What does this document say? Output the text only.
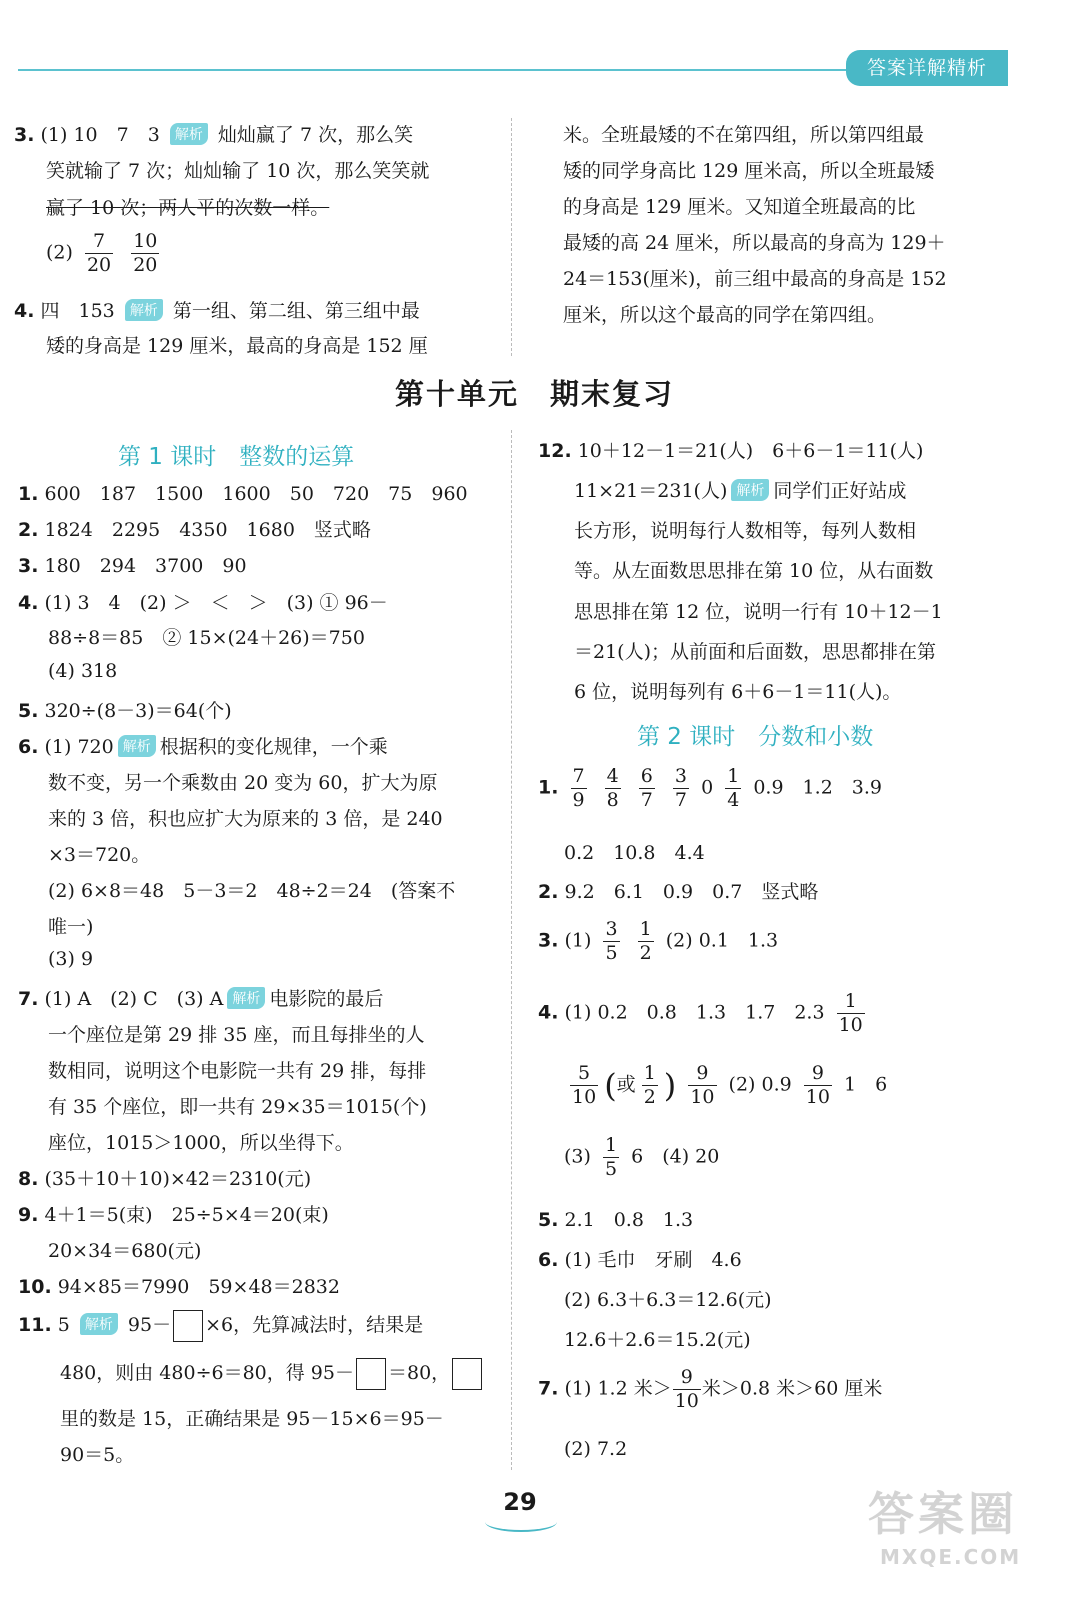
答案详解精析
3. (1) 10　7　3 解析 灿灿赢了 7 次，那么笑
笑就输了 7 次；灿灿输了 10 次，那么笑笑就
赢了 10 次；两人平的次数一样。
$(2) \frac{7}{20}$
$\frac{10}{20}$
4. 四　153 解析 第一组、第二组、第三组中最
矮的身高是 129 厘米，最高的身高是 152 厘
米。全班最矮的不在第四组，所以第四组最
矮的同学身高比 129 厘米高，所以全班最矮
的身高是 129 厘米。又知道全班最高的比
最矮的高 24 厘米，所以最高的身高为 129＋
24＝153(厘米)，前三组中最高的身高是 152
厘米，所以这个最高的同学在第四组。
第十单元　期末复习
第 1 课时　整数的运算
1. 600　187　1500　1600　50　720　75　960
2. 1824　2295　4350　1680　竖式略
3. 180　294　3700　90
4. (1) 3　4　(2) ＞　＜　＞　(3) ① 96－
88÷8＝85　② 15×(24＋26)＝750
(4) 318
5. 320÷(8－3)＝64(个)
6. (1) 720 解析 根据积的变化规律，一个乘
数不变，另一个乘数由 20 变为 60，扩大为原
来的 3 倍，积也应扩大为原来的 3 倍，是 240
×3＝720。
(2) 6×8＝48　5－3＝2　48÷2＝24　(答案不
唯一)
(3) 9
7. (1) A　(2) C　(3) A 解析 电影院的最后
一个座位是第 29 排 35 座，而且每排坐的人
数相同，说明这个电影院一共有 29 排，每排
有 35 个座位，即一共有 29×35＝1015(个)
座位，1015＞1000，所以坐得下。
8. (35＋10＋10)×42＝2310(元)
9. 4＋1＝5(束)　25÷5×4＝20(束)
20×34＝680(元)
10. 94×85＝7990　59×48＝2832
11. 5 解析 95－ ×6，先算减法时，结果是
480，则由 480÷6＝80，得 95－ ＝80，
里的数是 15，正确结果是 95－15×6＝95－
90＝5。
12. 10＋12－1＝21(人)　6＋6－1＝11(人)
11×21＝231(人) 解析 同学们正好站成
长方形，说明每行人数相等，每列人数相
等。从左面数思思排在第 10 位，从右面数
思思排在第 12 位，说明一行有 10＋12－1
＝21(人)；从前面和后面数，思思都排在第
6 位，说明每列有 6＋6－1＝11(人)。
第 2 课时　分数和小数
1. $\frac{7}{9}$
$\frac{4}{8}$
$\frac{6}{7}$
$\frac{3}{7} 0 \frac{1}{4} 0.9$　1.2　3.9
0.2　10.8　4.4
2. 9.2　6.1　0.9　0.7　竖式略
3. $(1) \frac{3}{5}$
$\frac{1}{2} (2)$ 0.1　1.3
4. (1) 0.2　0.8　1.3　1.7　$2.3 \frac{1}{10}$
$\frac{5}{10}$ (或 $\frac{1}{2}$ ) $\frac{9}{10} (2)$ $0.9 \frac{9}{10} 1$　6
$(3) \frac{1}{5} 6$　(4) 20
5. 2.1　0.8　1.3
6. (1) 毛巾　牙刷　4.6
(2) 6.3＋6.3＝12.6(元)
12.6＋2.6＝15.2(元)
7. (1) 1.2 米＞ $\frac{9}{10}$ 米＞0.8 米＞60 厘米
(2) 7.2
29	答案圈
MXQE.COM
